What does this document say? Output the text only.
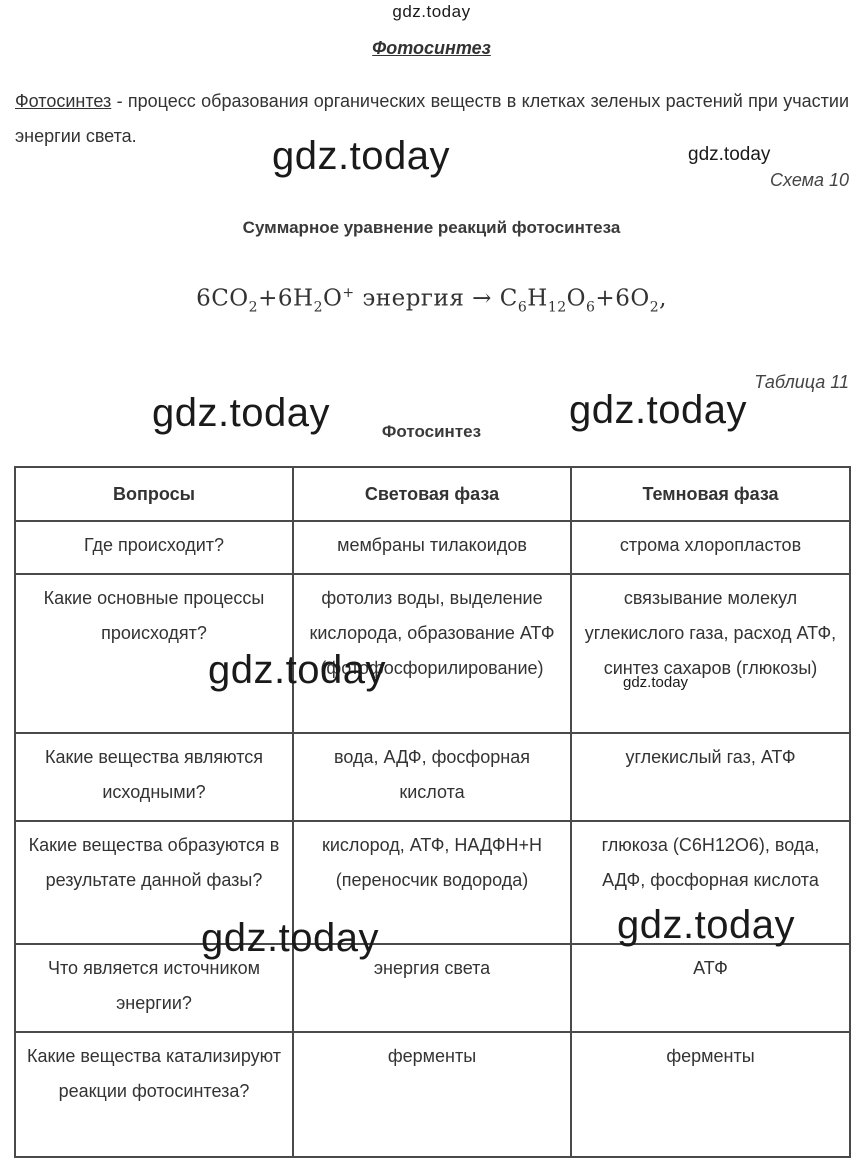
gdz.today
Фотосинтез
Фотосинтез - процесс образования органических веществ в клетках зеленых растений при участии энергии света.	gdz.today	gdz.today
Схема 10
Суммарное уравнение реакций фотосинтеза
$6CO_2+6H_2O^+$ энергия → $C_6H_{12}O_6+6O_2$,
Таблица 11
gdz.today	gdz.today
Фотосинтез
Вопросы	Световая фаза	Темновая фаза
Где происходит?	мембраны тилакоидов	строма хлоропластов
Какие основные процессы происходят?	фотолиз воды, выделение кислорода, образование АТФ (фотофосфорилирование)	связывание молекул углекислого газа, расход АТФ, синтез сахаров (глюкозы)
Какие вещества являются исходными?	вода, АДФ, фосфорная кислота	углекислый газ, АТФ
Какие вещества образуются в результате данной фазы?	кислород, АТФ, НАДФН+Н (переносчик водорода)	глюкоза (С6Н12О6), вода, АДФ, фосфорная кислота
Что является источником энергии?	энергия света	АТФ
Какие вещества катализируют реакции фотосинтеза?	ферменты	ферменты
gdz.today	gdz.today
gdz.today
gdz.today
